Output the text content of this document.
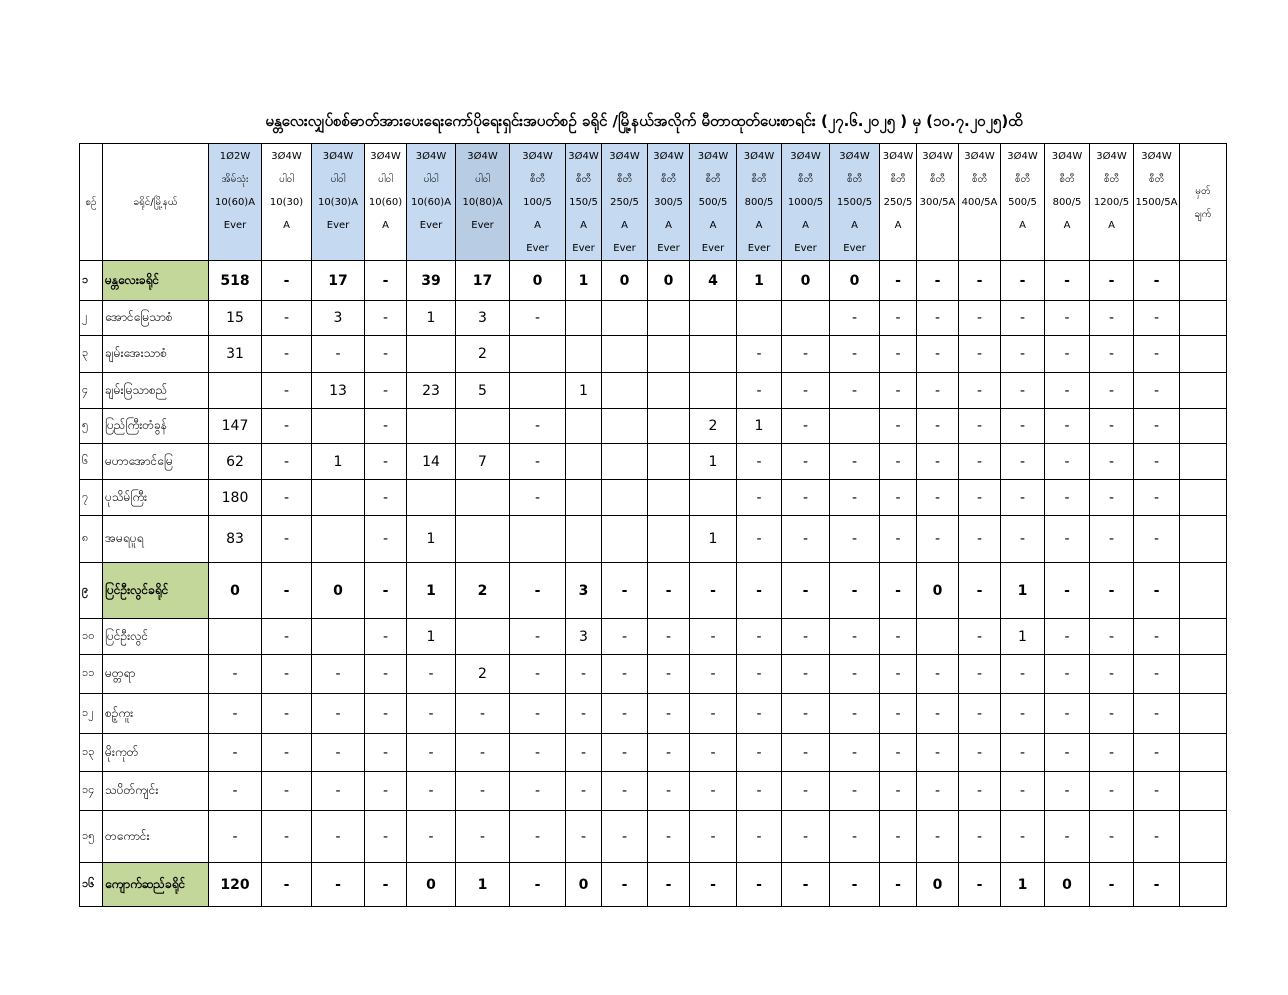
မန္တလေးလျှပ်စစ်ဓာတ်အားပေးရေးကော်ပိုရေးရှင်းအပတ်စဉ် ခရိုင် /မြို့နယ်အလိုက် မီတာထုတ်ပေးစာရင်း (၂၇.၆.၂၀၂၅ ) မှ (၁၀.၇.၂၀၂၅)ထိ
စဉ်	ခရိုင်/မြို့နယ်	1Ø2W
အိမ်သုံး
10(60)A
Ever	3Ø4W
ပါဝါ
10(30)
A	3Ø4W
ပါဝါ
10(30)A
Ever	3Ø4W
ပါဝါ
10(60)
A	3Ø4W
ပါဝါ
10(60)A
Ever	3Ø4W
ပါဝါ
10(80)A
Ever	3Ø4W
စီတီ
100/5
A
Ever	3Ø4W
စီတီ
150/5
A
Ever	3Ø4W
စီတီ
250/5
A
Ever	3Ø4W
စီတီ
300/5
A
Ever	3Ø4W
စီတီ
500/5
A
Ever	3Ø4W
စီတီ
800/5
A
Ever	3Ø4W
စီတီ
1000/5
A
Ever	3Ø4W
စီတီ
1500/5
A
Ever	3Ø4W
စီတီ
250/5
A	3Ø4W
စီတီ
300/5A	3Ø4W
စီတီ
400/5A	3Ø4W
စီတီ
500/5
A	3Ø4W
စီတီ
800/5
A	3Ø4W
စီတီ
1200/5
A	3Ø4W
စီတီ
1500/5A	မှတ်
ချက်

၁	မန္တလေးခရိုင်	518	-	17	-	39	17	0	1	0	0	4	1	0	0	-	-	-	-	-	-	-	
၂	အောင်မြေသာစံ	15	-	3	-	1	3	-							-	-	-	-	-	-	-	-	
၃	ချမ်းအေးသာစံ	31	-	-	-		2						-	-	-	-	-	-	-	-	-	-	
၄	ချမ်းမြသာစည်		-	13	-	23	5		1				-	-	-	-	-	-	-	-	-	-	
၅	ပြည်ကြီးတံခွန်	147	-		-			-				2	1	-		-	-	-	-	-	-	-	
၆	မဟာအောင်မြေ	62	-	1	-	14	7	-				1	-	-	-	-	-	-	-	-	-	-	
၇	ပုသိမ်ကြီး	180	-		-			-					-	-	-	-	-	-	-	-	-	-	
၈	အမရပူရ	83	-		-	1						1	-	-	-	-	-	-	-	-	-	-	
၉	ပြင်ဦးလွင်ခရိုင်	0	-	0	-	1	2	-	3	-	-	-	-	-	-	-	0	-	1	-	-	-	
၁၀	ပြင်ဦးလွင်		-		-	1		-	3	-	-	-	-	-	-	-		-	1	-	-	-	
၁၁	မတ္တရာ	-	-	-	-	-	2	-	-	-	-	-	-	-	-	-	-	-	-	-	-	-	
၁၂	စဉ့်ကူး	-	-	-	-	-	-	-	-	-	-	-	-	-	-	-	-	-	-	-	-	-	
၁၃	မိုးကုတ်	-	-	-	-	-	-	-	-	-	-	-	-	-	-	-	-	-	-	-	-	-	
၁၄	သပိတ်ကျင်း	-	-	-	-	-	-	-	-	-	-	-	-	-	-	-	-	-	-	-	-	-	
၁၅	တကောင်း	-	-	-	-	-	-	-	-	-	-	-	-	-	-	-	-	-	-	-	-	-	
၁၆	ကျောက်ဆည်ခရိုင်	120	-	-	-	0	1	-	0	-	-	-	-	-	-	-	0	-	1	0	-	-	
